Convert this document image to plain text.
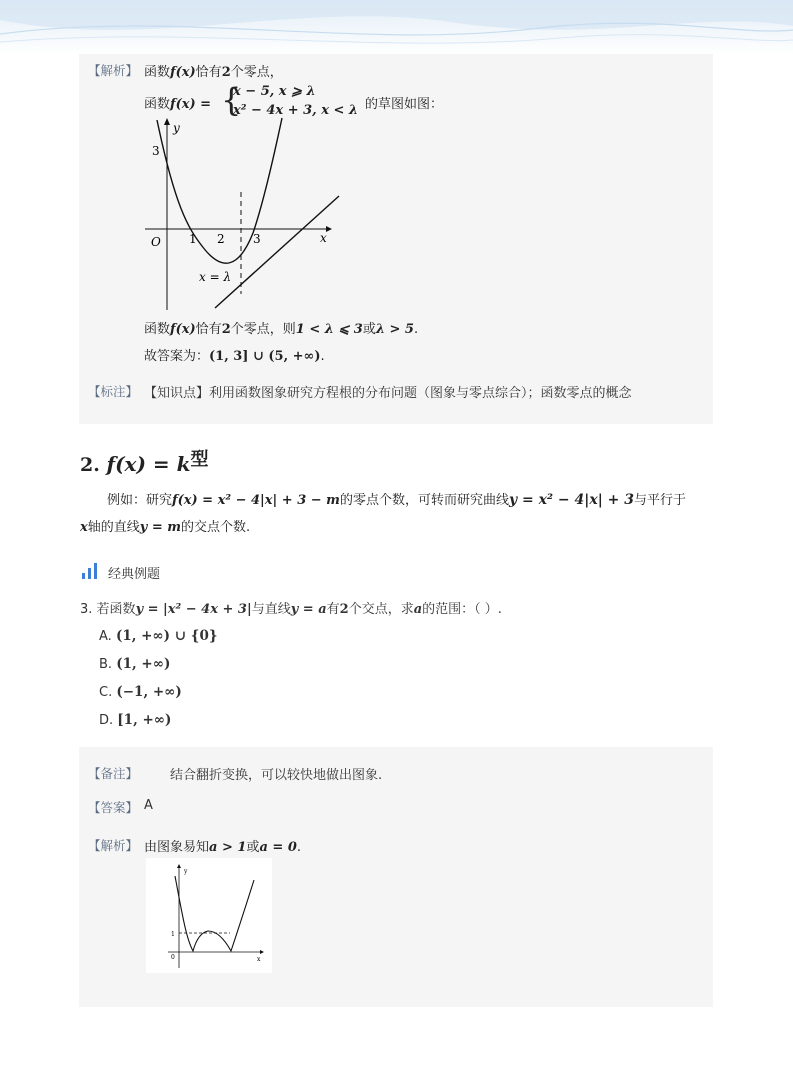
【解析】 函数f(x)恰有2个零点，
函数f(x) = {
x − 5, x ⩾ λ
x² − 4x + 3, x < λ
，的草图如图：
y
x
O 1 2 3
3
x = λ
函数f(x)恰有2个零点，则1 < λ ⩽ 3或λ > 5.
故答案为：(1, 3] ∪ (5, +∞).
【标注】 【知识点】利用函数图象研究方程根的分布问题（图象与零点综合）；函数零点的概念
2. $f(x) = k^型$
例如：研究f(x) = x² − 4|x| + 3 − m的零点个数，可转而研究曲线y = x² − 4|x| + 3与平行于
x轴的直线y = m的交点个数.
经典例题
3. 若函数y = |x² − 4x + 3|与直线y = a有2个交点，求a的范围：（ ）.
A. (1, +∞) ∪ {0}
B. (1, +∞)
C. (−1, +∞)
D. [1, +∞)
【备注】 结合翻折变换，可以较快地做出图象.
【答案】 A
【解析】 由图象易知a > 1或a = 0.
y
x
1
0
